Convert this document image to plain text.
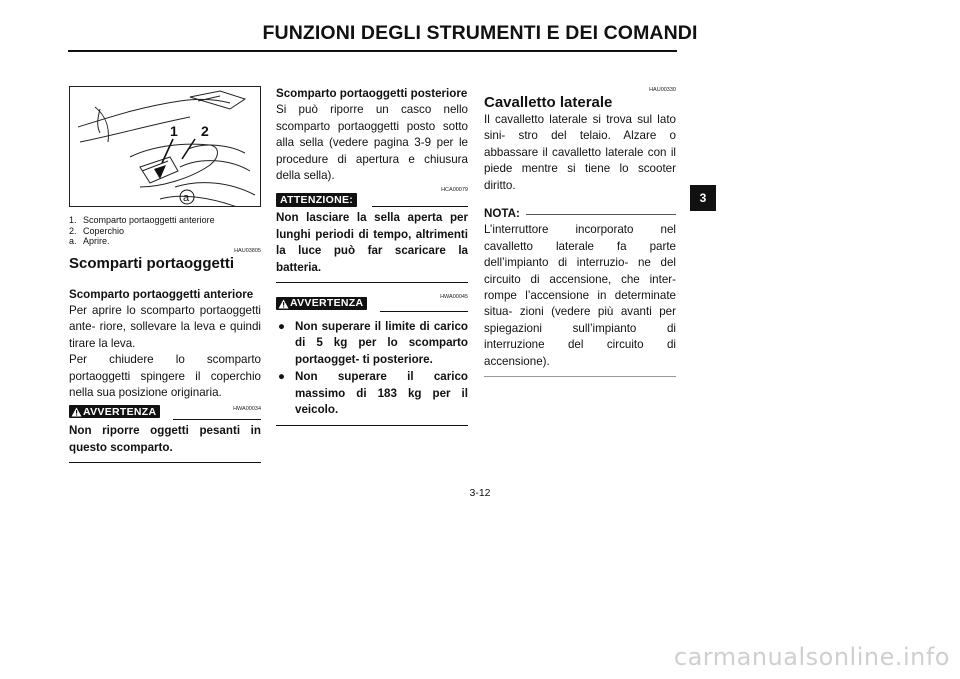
FUNZIONI DEGLI STRUMENTI E DEI COMANDI
1 2
a
1. Scomparto portaoggetti anteriore
2. Coperchio
a. Aprire.
HAU03805
Scomparti portaoggetti

Scomparto portaoggetti anteriore

Per aprire lo scomparto portaoggetti ante- riore, sollevare la leva e quindi tirare la leva.

Per chiudere lo scomparto portaoggetti spingere il coperchio nella sua posizione originaria.

AVVERTENZA	HWA00034

Non riporre oggetti pesanti in questo scomparto.

Scomparto portaoggetti posteriore

Si può riporre un casco nello scomparto portaoggetti posto sotto alla sella (vedere pagina 3-9 per le procedure di apertura e chiusura della sella).

HCA00079
ATTENZIONE:

Non lasciare la sella aperta per lunghi periodi di tempo, altrimenti la luce può far scaricare la batteria.

HWA00045
AVVERTENZA
● Non superare il limite di carico di 5 kg per lo scomparto portaogget- ti posteriore.
● Non superare il carico massimo di 183 kg per il veicolo.
HAU00330
Cavalletto laterale

Il cavalletto laterale si trova sul lato sini- stro del telaio. Alzare o abbassare il cavalletto laterale con il piede mentre si tiene lo scooter diritto.

NOTA:

L’interruttore incorporato nel cavalletto laterale fa parte dell’impianto di interruzio- ne del circuito di accensione, che inter- rompe l’accensione in determinate situa- zioni (vedere più avanti per spiegazioni sull’impianto di interruzione del circuito di accensione).

3
3-12
carmanualsonline.info
